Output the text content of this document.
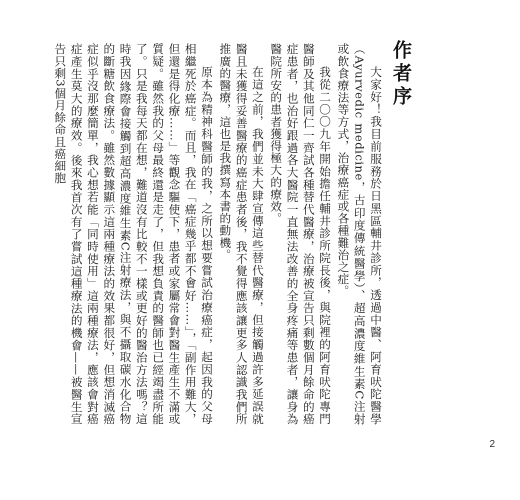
作者序

大家好！我目前服務於日黑區輔井診所，透過中醫、阿育吠陀醫學（Ayurvedic medicine，古印度傳統醫學）、超高濃度維生素C注射或飲食療法等方式，治療癌症或各種難治之症。

我從二〇〇九年開始擔任輔井診所院長後，與院裡的阿育吠陀專門醫師及其他同仁一齊試各種替代醫療，治療被宣告只剩數個月餘命的癌症患者，也治好跟過各大醫院一直無法改善的全身疼痛等患者，讓身為醫院所安的患者獲得極大的療效。

在這之前，我們並未大肆宣傳這些替代醫療，但接觸過許多延誤就醫且未獲得妥善醫療的癌症患者後，我不覺得應該讓更多人認識我們所推廣的醫療，這也是我撰寫本書的動機。

原本為精神科醫師的我，之所以想要嘗試治療癌症，起因我的父母相繼死於癌症。而且，我在「癌症幾乎都不會好……」，「副作用難大，但還是得化療……」等觀念驅使下，患者或家屬常會對醫生產生不滿或質疑。雖然我的父母最終還是走了，但我想負責的醫師也已經竭盡所能了。只是我每天都在想，難道沒有比較不一樣或更好的醫治方法嗎？這時我因緣際會接觸到超高濃度維生素C注射療法，與不攝取碳水化合物的斷糖飲食療法。雖然數據顯示這兩種療法的效果都很好，但想消滅癌症似乎沒那麼簡單，我心想若能「同時使用」這兩種療法，應該會對癌症產生莫大的療效。後來我首次有了嘗試這種療法的機會——被醫生宣告只剩3個月餘命且癌細胞

2
